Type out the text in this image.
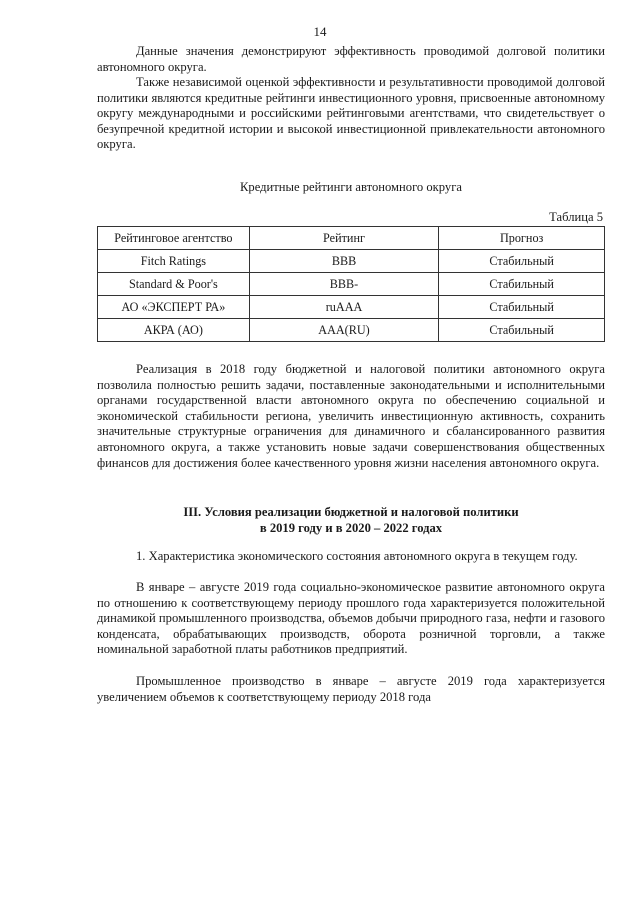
14

Данные значения демонстрируют эффективность проводимой долговой политики автономного округа.

Также независимой оценкой эффективности и результативности проводимой долговой политики являются кредитные рейтинги инвестиционного уровня, присвоенные автономному округу международными и российскими рейтинговыми агентствами, что свидетельствует о безупречной кредитной истории и высокой инвестиционной привлекательности автономного округа.

Кредитные рейтинги автономного округа
Таблица 5
Рейтинговое агентство	Рейтинг	Прогноз
Fitch Ratings	BBB	Стабильный
Standard & Poor's	BBB-	Стабильный
АО «ЭКСПЕРТ РА»	ruAAA	Стабильный
АКРА (АО)	AAA(RU)	Стабильный

Реализация в 2018 году бюджетной и налоговой политики автономного округа позволила полностью решить задачи, поставленные законодательными и исполнительными органами государственной власти автономного округа по обеспечению социальной и экономической стабильности региона, увеличить инвестиционную активность, сохранить значительные структурные ограничения для динамичного и сбалансированного развития автономного округа, а также установить новые задачи совершенствования общественных финансов для достижения более качественного уровня жизни населения автономного округа.

III. Условия реализации бюджетной и налоговой политики
в 2019 году и в 2020 – 2022 годах

1. Характеристика экономического состояния автономного округа в текущем году.

В январе – августе 2019 года социально-экономическое развитие автономного округа по отношению к соответствующему периоду прошлого года характеризуется положительной динамикой промышленного производства, объемов добычи природного газа, нефти и газового конденсата, обрабатывающих производств, оборота розничной торговли, а также номинальной заработной платы работников предприятий.

Промышленное производство в январе – августе 2019 года характеризуется увеличением объемов к соответствующему периоду 2018 года
